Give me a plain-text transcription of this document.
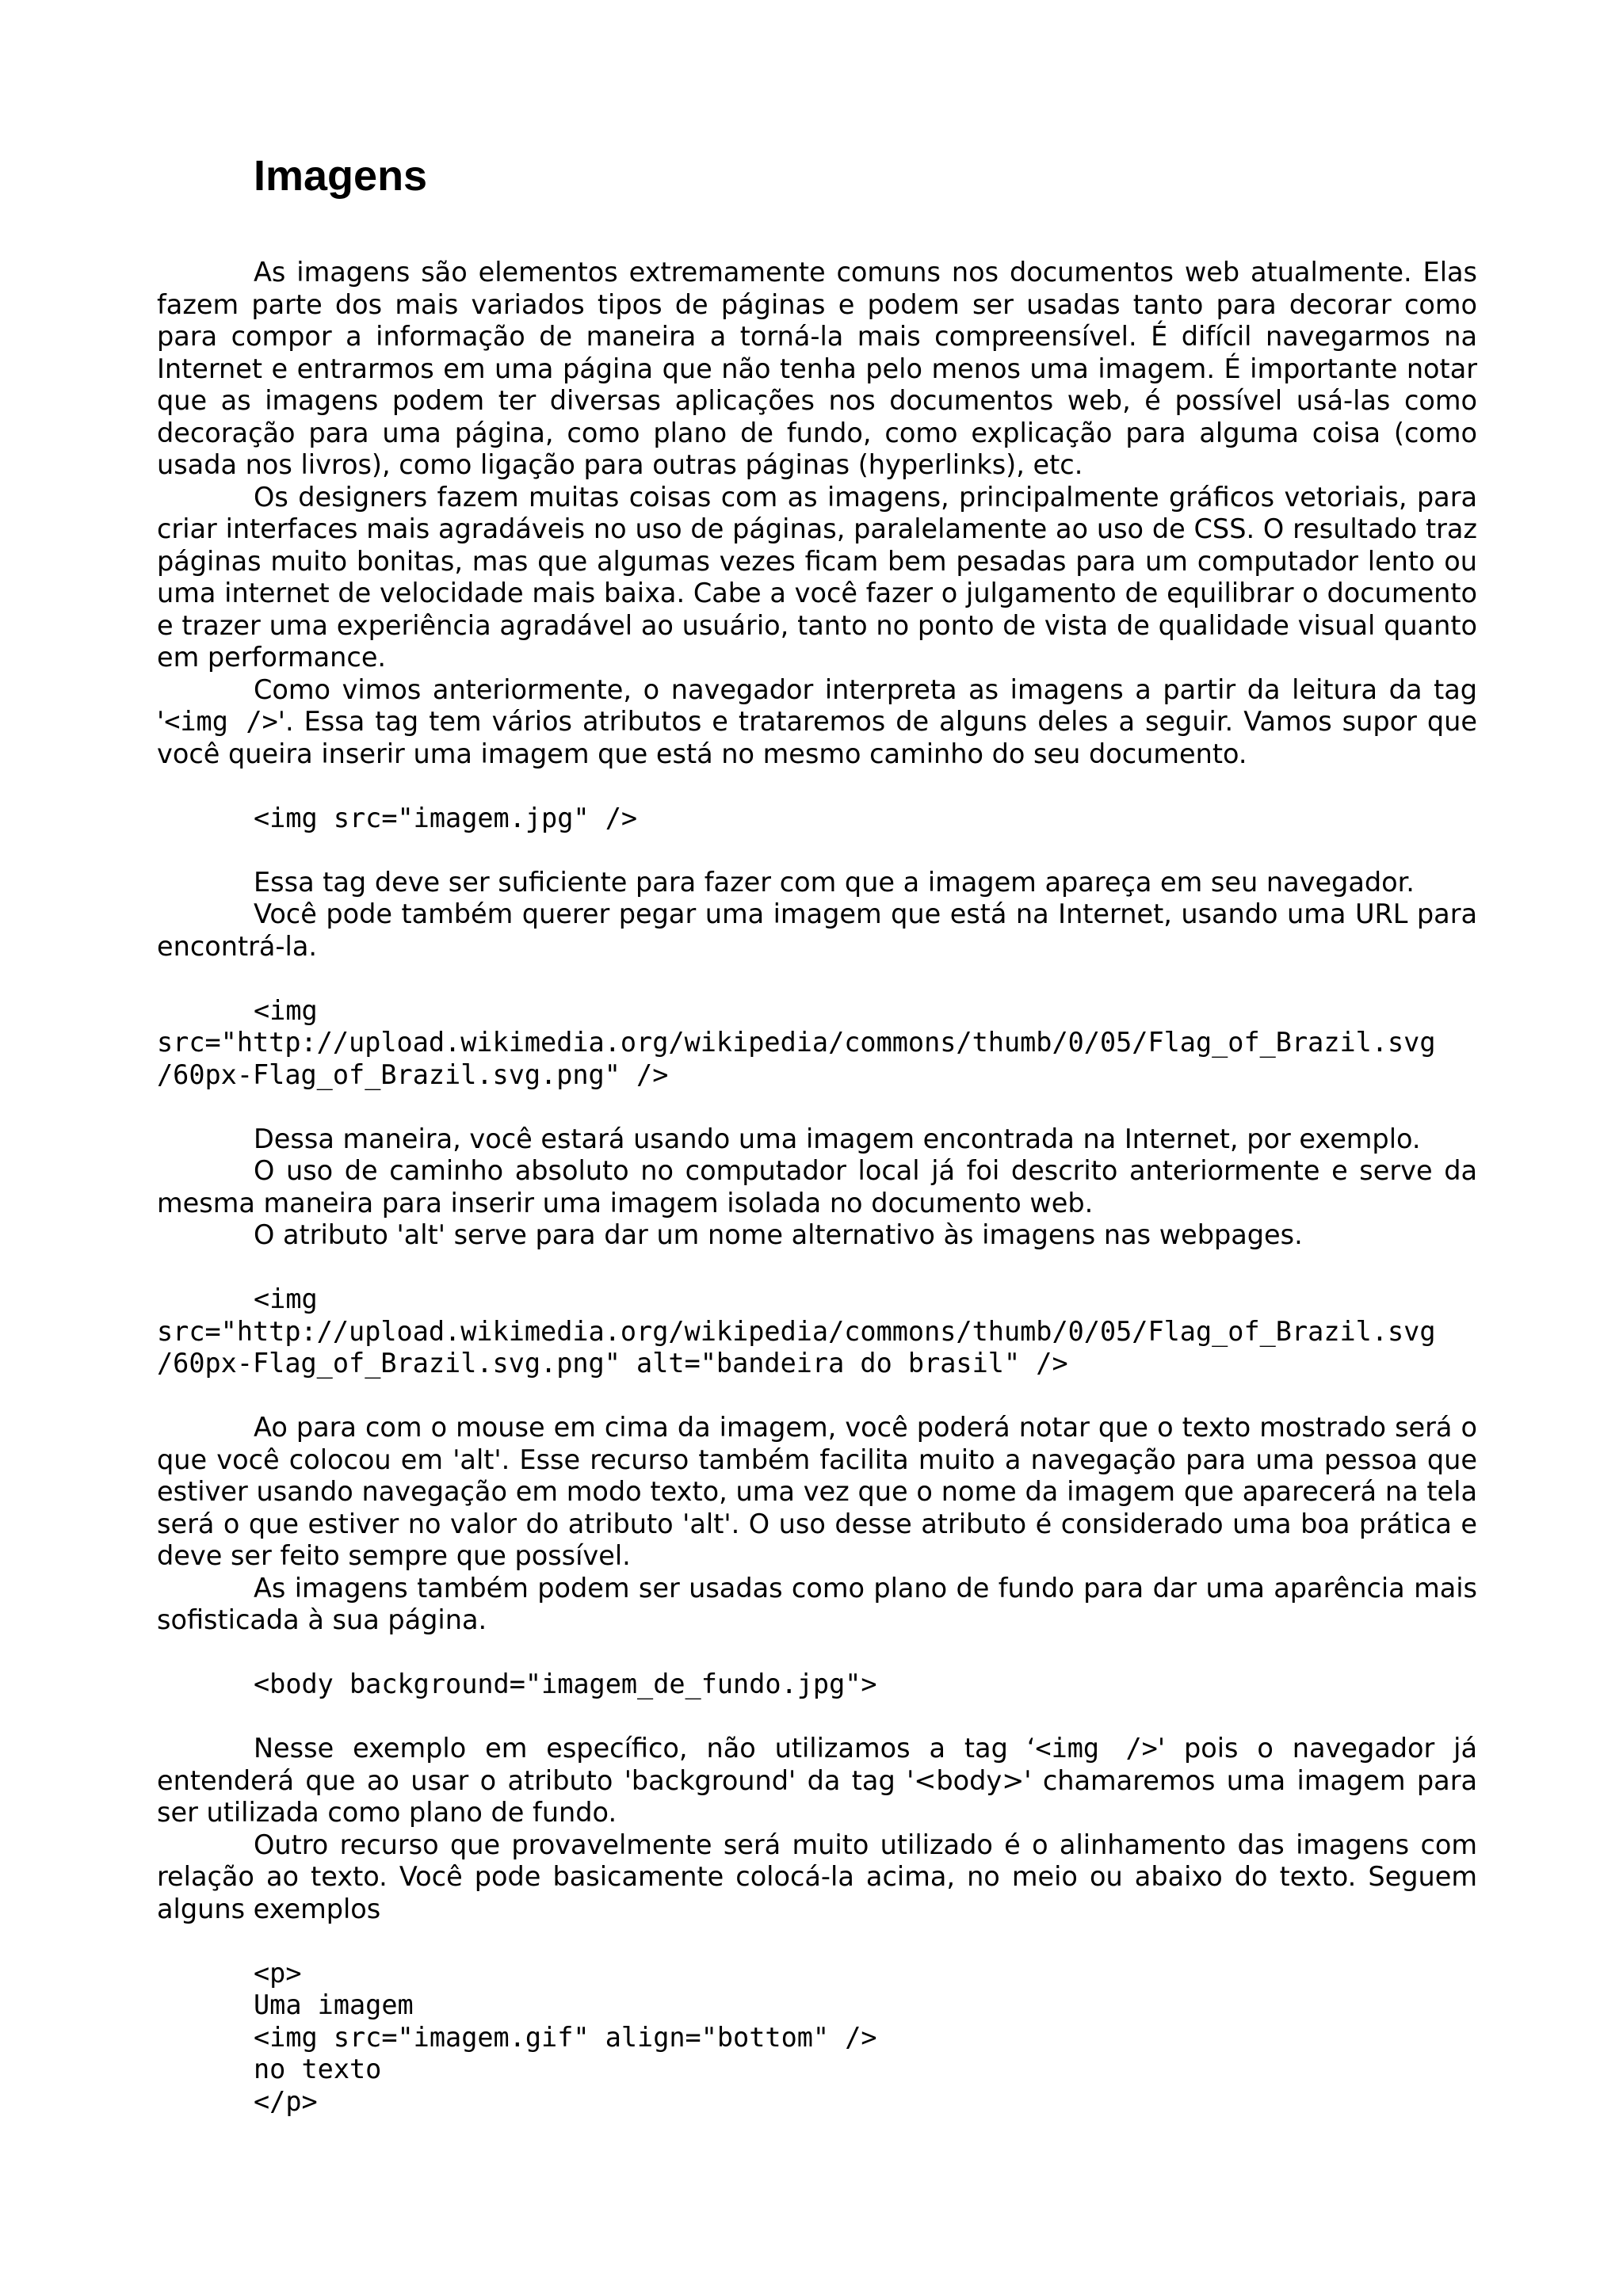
Imagens

As imagens são elementos extremamente comuns nos documentos web atualmente. Elas fazem parte dos mais variados tipos de páginas e podem ser usadas tanto para decorar como para compor a informação de maneira a torná-la mais compreensível. É difícil navegarmos na Internet e entrarmos em uma página que não tenha pelo menos uma imagem. É importante notar que as imagens podem ter diversas aplicações nos documentos web, é possível usá-las como decoração para uma página, como plano de fundo, como explicação para alguma coisa (como usada nos livros), como ligação para outras páginas (hyperlinks), etc.

Os designers fazem muitas coisas com as imagens, principalmente gráficos vetoriais, para criar interfaces mais agradáveis no uso de páginas, paralelamente ao uso de CSS. O resultado traz páginas muito bonitas, mas que algumas vezes ficam bem pesadas para um computador lento ou uma internet de velocidade mais baixa. Cabe a você fazer o julgamento de equilibrar o documento e trazer uma experiência agradável ao usuário, tanto no ponto de vista de qualidade visual quanto em performance.

Como vimos anteriormente, o navegador interpreta as imagens a partir da leitura da tag '<img />'. Essa tag tem vários atributos e trataremos de alguns deles a seguir. Vamos supor que você queira inserir uma imagem que está no mesmo caminho do seu documento.

<img src="imagem.jpg" />

Essa tag deve ser suficiente para fazer com que a imagem apareça em seu navegador.

Você pode também querer pegar uma imagem que está na Internet, usando uma URL para encontrá-la.

<img
src="http://upload.wikimedia.org/wikipedia/commons/thumb/0/05/Flag_of_Brazil.svg
/60px-Flag_of_Brazil.svg.png" />

Dessa maneira, você estará usando uma imagem encontrada na Internet, por exemplo.

O uso de caminho absoluto no computador local já foi descrito anteriormente e serve da mesma maneira para inserir uma imagem isolada no documento web.

O atributo 'alt' serve para dar um nome alternativo às imagens nas webpages.

<img
src="http://upload.wikimedia.org/wikipedia/commons/thumb/0/05/Flag_of_Brazil.svg
/60px-Flag_of_Brazil.svg.png" alt="bandeira do brasil" />

Ao para com o mouse em cima da imagem, você poderá notar que o texto mostrado será o que você colocou em 'alt'. Esse recurso também facilita muito a navegação para uma pessoa que estiver usando navegação em modo texto, uma vez que o nome da imagem que aparecerá na tela será o que estiver no valor do atributo 'alt'. O uso desse atributo é considerado uma boa prática e deve ser feito sempre que possível.

As imagens também podem ser usadas como plano de fundo para dar uma aparência mais sofisticada à sua página.

<body background="imagem_de_fundo.jpg">

Nesse exemplo em específico, não utilizamos a tag ‘<img />' pois o navegador já entenderá que ao usar o atributo 'background' da tag '<body>' chamaremos uma imagem para ser utilizada como plano de fundo.

Outro recurso que provavelmente será muito utilizado é o alinhamento das imagens com relação ao texto. Você pode basicamente colocá-la acima, no meio ou abaixo do texto. Seguem alguns exemplos

<p>
Uma imagem
<img src="imagem.gif" align="bottom" />
no texto
</p>
